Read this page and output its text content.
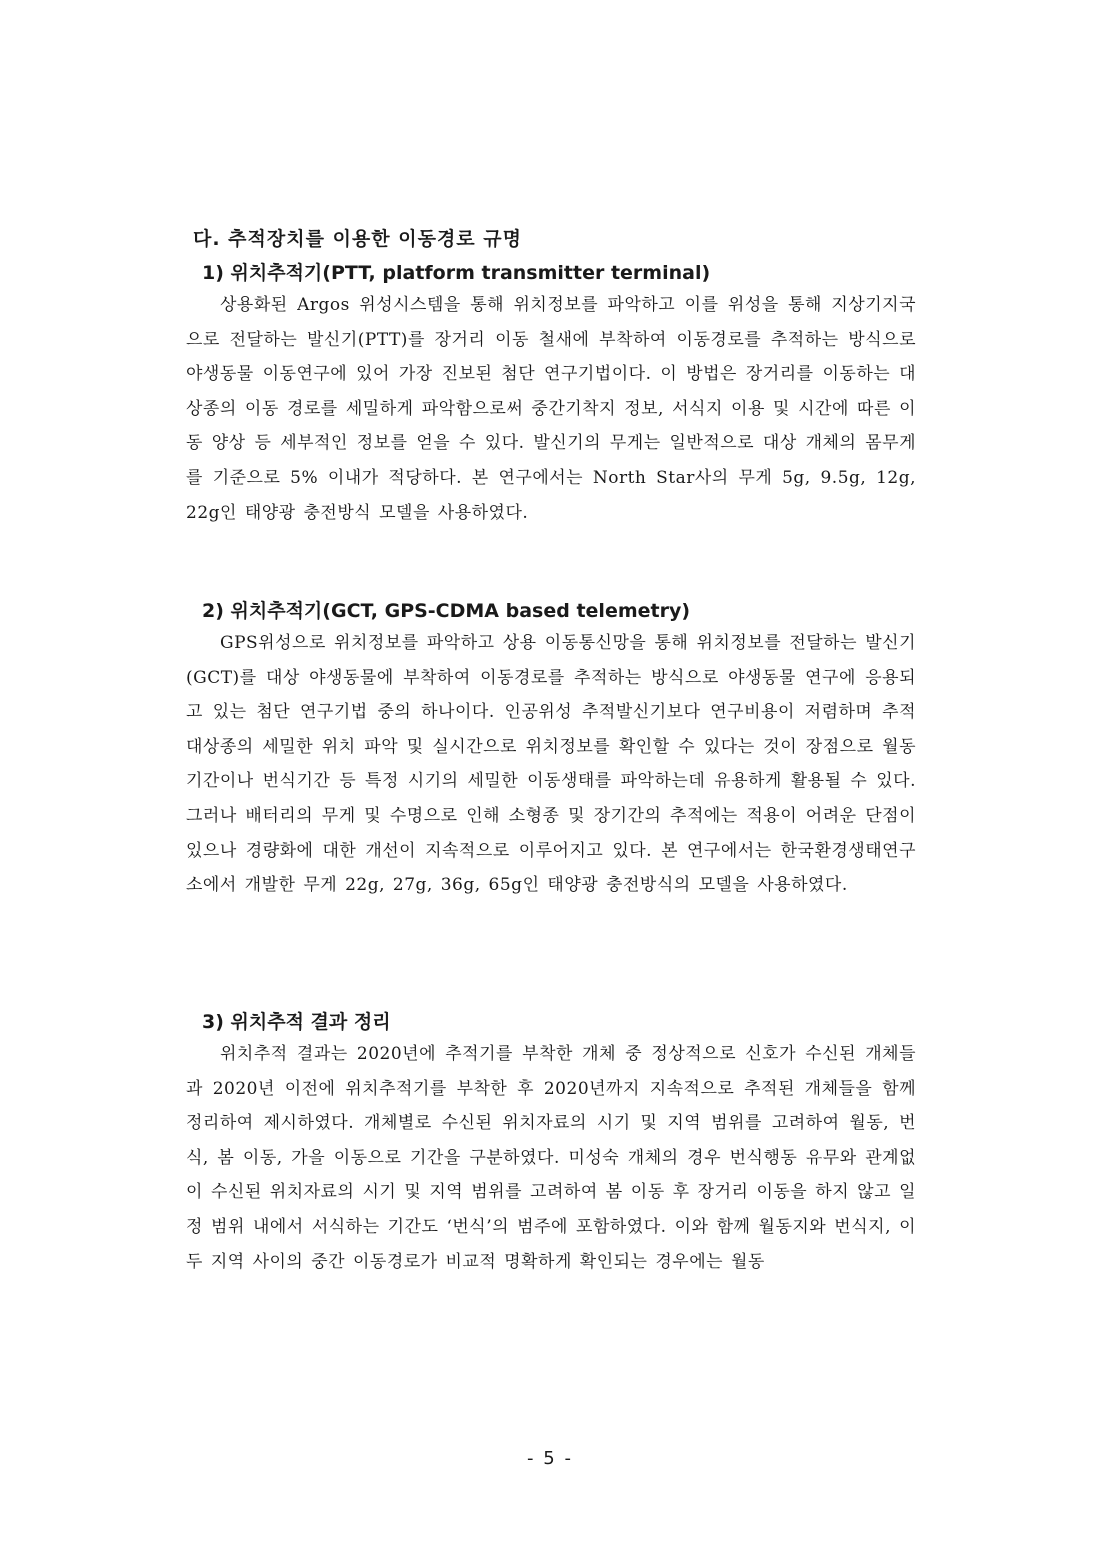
다. 추적장치를 이용한 이동경로 규명
1) 위치추적기(PTT, platform transmitter terminal)

상용화된 Argos 위성시스템을 통해 위치정보를 파악하고 이를 위성을 통해 지상기지국으로 전달하는 발신기(PTT)를 장거리 이동 철새에 부착하여 이동경로를 추적하는 방식으로 야생동물 이동연구에 있어 가장 진보된 첨단 연구기법이다. 이 방법은 장거리를 이동하는 대상종의 이동 경로를 세밀하게 파악함으로써 중간기착지 정보, 서식지 이용 및 시간에 따른 이동 양상 등 세부적인 정보를 얻을 수 있다. 발신기의 무게는 일반적으로 대상 개체의 몸무게를 기준으로 5% 이내가 적당하다. 본 연구에서는 North Star사의 무게 5g, 9.5g, 12g, 22g인 태양광 충전방식 모델을 사용하였다.

2) 위치추적기(GCT, GPS-CDMA based telemetry)

GPS위성으로 위치정보를 파악하고 상용 이동통신망을 통해 위치정보를 전달하는 발신기(GCT)를 대상 야생동물에 부착하여 이동경로를 추적하는 방식으로 야생동물 연구에 응용되고 있는 첨단 연구기법 중의 하나이다. 인공위성 추적발신기보다 연구비용이 저렴하며 추적 대상종의 세밀한 위치 파악 및 실시간으로 위치정보를 확인할 수 있다는 것이 장점으로 월동기간이나 번식기간 등 특정 시기의 세밀한 이동생태를 파악하는데 유용하게 활용될 수 있다. 그러나 배터리의 무게 및 수명으로 인해 소형종 및 장기간의 추적에는 적용이 어려운 단점이 있으나 경량화에 대한 개선이 지속적으로 이루어지고 있다. 본 연구에서는 한국환경생태연구소에서 개발한 무게 22g, 27g, 36g, 65g인 태양광 충전방식의 모델을 사용하였다.

3) 위치추적 결과 정리

위치추적 결과는 2020년에 추적기를 부착한 개체 중 정상적으로 신호가 수신된 개체들과 2020년 이전에 위치추적기를 부착한 후 2020년까지 지속적으로 추적된 개체들을 함께 정리하여 제시하였다. 개체별로 수신된 위치자료의 시기 및 지역 범위를 고려하여 월동, 번식, 봄 이동, 가을 이동으로 기간을 구분하였다. 미성숙 개체의 경우 번식행동 유무와 관계없이 수신된 위치자료의 시기 및 지역 범위를 고려하여 봄 이동 후 장거리 이동을 하지 않고 일정 범위 내에서 서식하는 기간도 ‘번식’의 범주에 포함하였다. 이와 함께 월동지와 번식지, 이 두 지역 사이의 중간 이동경로가 비교적 명확하게 확인되는 경우에는 월동

- 5 -
